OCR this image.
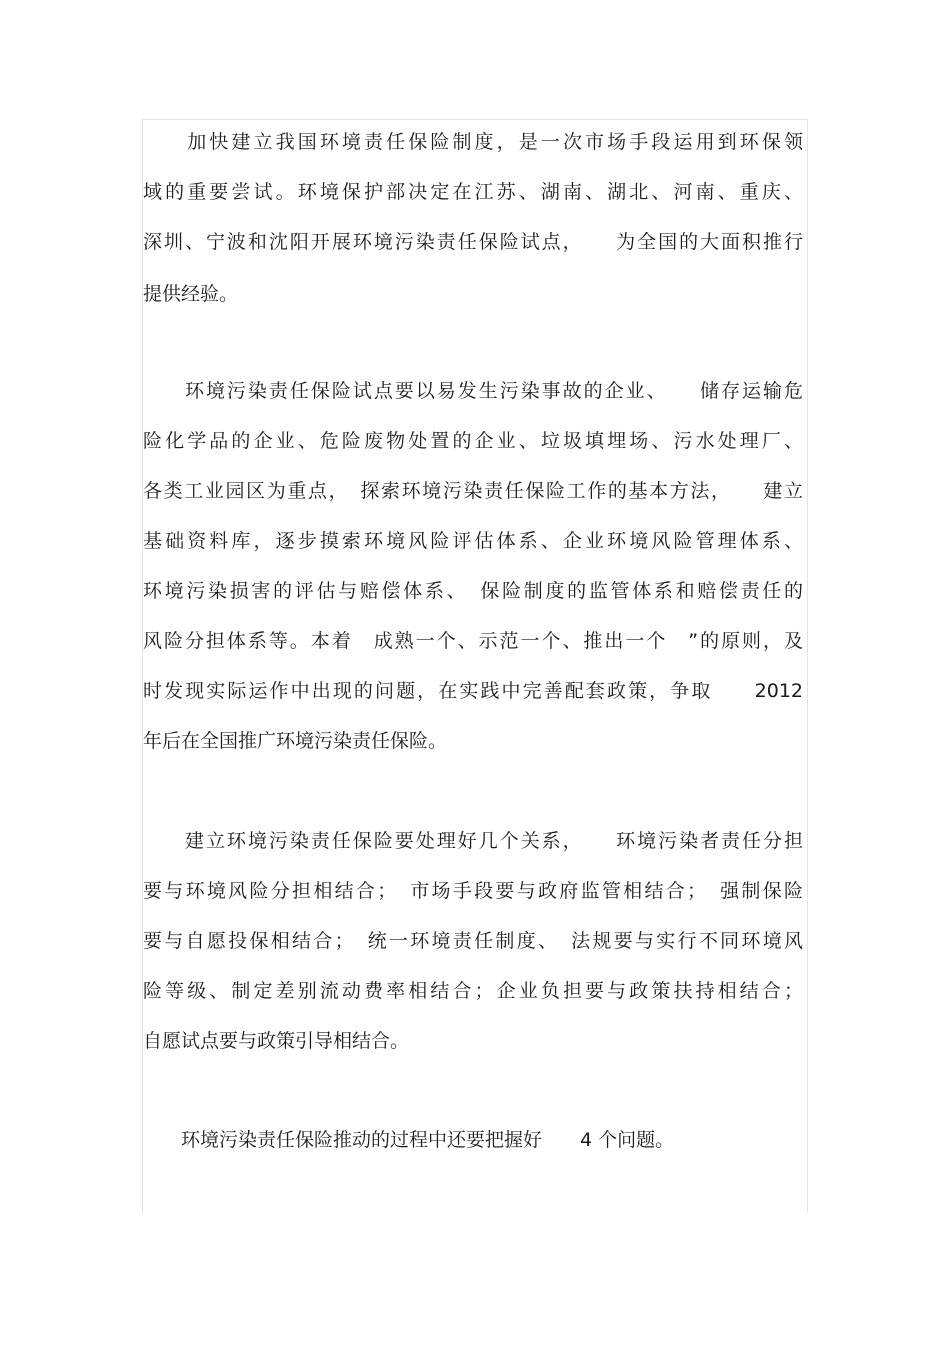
　　加快建立我国环境责任保险制度，是一次市场手段运用到环保领
域的重要尝试。环境保护部决定在江苏、湖南、湖北、河南、重庆、
深圳、宁波和沈阳开展环境污染责任保险试点，　　为全国的大面积推行
提供经验。
　　环境污染责任保险试点要以易发生污染事故的企业、　　储存运输危
险化学品的企业、危险废物处置的企业、垃圾填埋场、污水处理厂、
各类工业园区为重点，　探索环境污染责任保险工作的基本方法，　　建立
基础资料库，逐步摸索环境风险评估体系、企业环境风险管理体系、
环境污染损害的评估与赔偿体系、　保险制度的监管体系和赔偿责任的
风险分担体系等。本着　成熟一个、示范一个、推出一个　”的原则，及
时发现实际运作中出现的问题，在实践中完善配套政策，争取　　2012
年后在全国推广环境污染责任保险。
　　建立环境污染责任保险要处理好几个关系，　　环境污染者责任分担
要与环境风险分担相结合；　市场手段要与政府监管相结合；　强制保险
要与自愿投保相结合；　统一环境责任制度、　法规要与实行不同环境风
险等级、制定差别流动费率相结合；企业负担要与政策扶持相结合；
自愿试点要与政策引导相结合。
　　环境污染责任保险推动的过程中还要把握好　　4 个问题。
